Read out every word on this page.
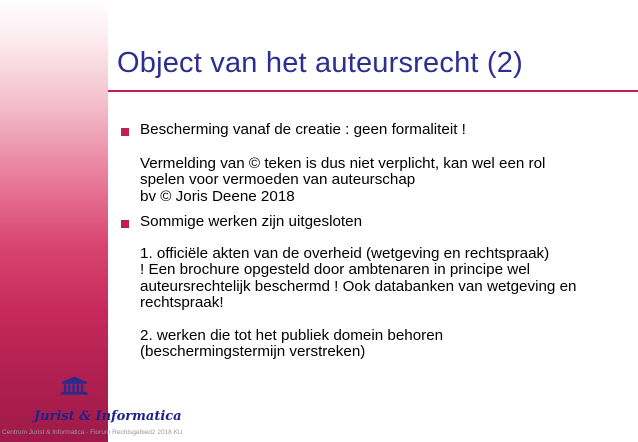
Object van het auteursrecht (2)
Bescherming vanaf de creatie : geen formaliteit !
Vermelding van © teken is dus niet verplicht, kan wel een rol
spelen voor vermoeden van auteurschap
bv © Joris Deene 2018
Sommige werken zijn uitgesloten
1. officiële akten van de overheid (wetgeving en rechtspraak)
! Een brochure opgesteld door ambtenaren in principe wel
auteursrechtelijk beschermd ! Ook databanken van wetgeving en
rechtspraak!
2. werken die tot het publiek domein behoren
(beschermingstermijn verstreken)
Jurist & Informatica
Centrum Jurist & Informatica - Fiorum Rechtsgebied2 2018 KU
